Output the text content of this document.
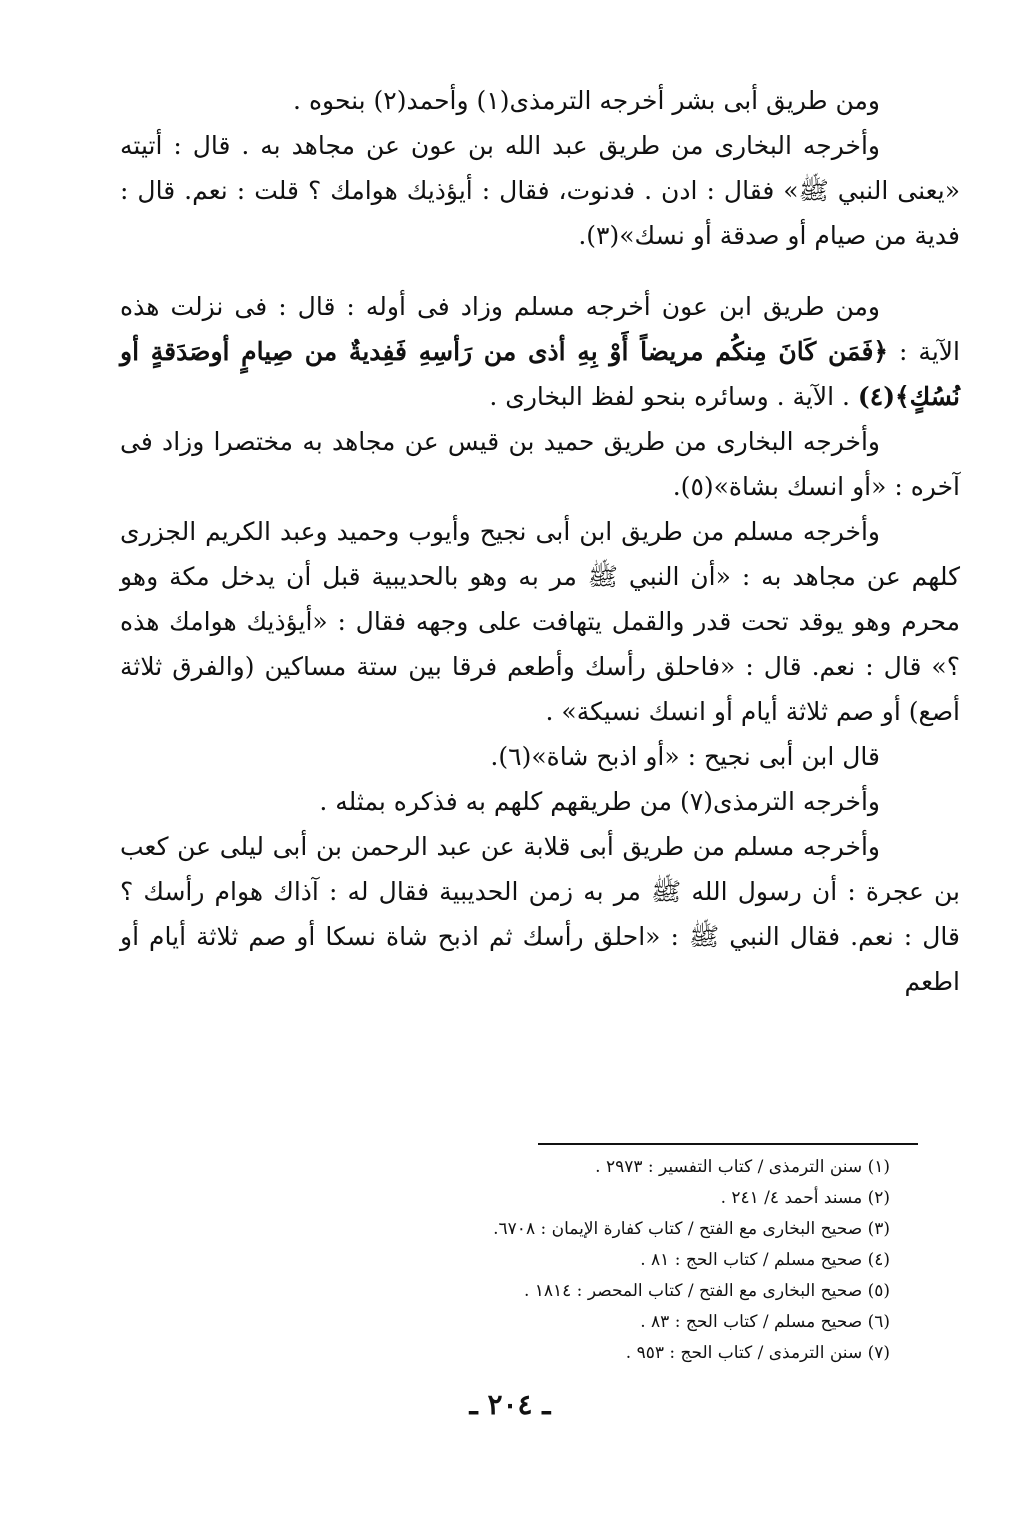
ومن طريق أبى بشر أخرجه الترمذى(١) وأحمد(٢) بنحوه .

وأخرجه البخارى من طريق عبد الله بن عون عن مجاهد به . قال : أتيته «يعنى النبي ﷺ» فقال : ادن . فدنوت، فقال : أيؤذيك هوامك ؟ قلت : نعم. قال : فدية من صيام أو صدقة أو نسك»(٣).

ومن طريق ابن عون أخرجه مسلم وزاد فى أوله : قال : فى نزلت هذه الآية : ﴿فَمَن كَانَ مِنكُم مريضاً أَوْ بِهِ أذى من رَأسِهِ فَفِديةٌ من صِيامٍ أوصَدَقةٍ أو نُسُكٍ﴾(٤) . الآية . وسائره بنحو لفظ البخارى .

وأخرجه البخارى من طريق حميد بن قيس عن مجاهد به مختصرا وزاد فى آخره : «أو انسك بشاة»(٥).

وأخرجه مسلم من طريق ابن أبى نجيح وأيوب وحميد وعبد الكريم الجزرى كلهم عن مجاهد به : «أن النبي ﷺ مر به وهو بالحديبية قبل أن يدخل مكة وهو محرم وهو يوقد تحت قدر والقمل يتهافت على وجهه فقال : «أيؤذيك هوامك هذه ؟» قال : نعم. قال : «فاحلق رأسك وأطعم فرقا بين ستة مساكين (والفرق ثلاثة أصع) أو صم ثلاثة أيام أو انسك نسيكة» .

قال ابن أبى نجيح : «أو اذبح شاة»(٦).

وأخرجه الترمذى(٧) من طريقهم كلهم به فذكره بمثله .

وأخرجه مسلم من طريق أبى قلابة عن عبد الرحمن بن أبى ليلى عن كعب بن عجرة : أن رسول الله ﷺ مر به زمن الحديبية فقال له : آذاك هوام رأسك ؟ قال : نعم. فقال النبي ﷺ : «احلق رأسك ثم اذبح شاة نسكا أو صم ثلاثة أيام أو اطعم

(١) سنن الترمذى / كتاب التفسير : ٢٩٧٣ .

(٢) مسند أحمد ٤/ ٢٤١ .

(٣) صحيح البخارى مع الفتح / كتاب كفارة الإيمان : ٦٧٠٨.

(٤) صحيح مسلم / كتاب الحج : ٨١ .

(٥) صحيح البخارى مع الفتح / كتاب المحصر : ١٨١٤ .

(٦) صحيح مسلم / كتاب الحج : ٨٣ .

(٧) سنن الترمذى / كتاب الحج : ٩٥٣ .

ـ ٢٠٤ ـ
